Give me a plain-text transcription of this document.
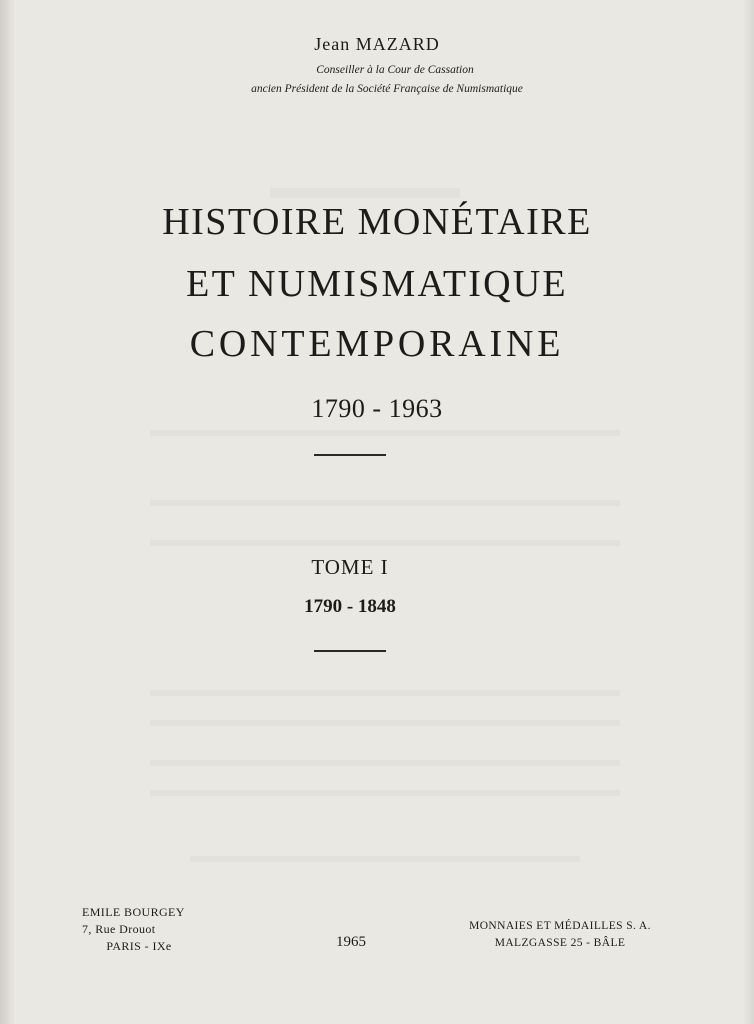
Jean MAZARD
Conseiller à la Cour de Cassation
ancien Président de la Société Française de Numismatique
HISTOIRE MONÉTAIRE
ET NUMISMATIQUE
CONTEMPORAINE
1790 - 1963
TOME I
1790 - 1848
EMILE BOURGEY
7, Rue Drouot
PARIS - IXe	1965
MONNAIES ET MÉDAILLES S. A.
MALZGASSE 25 - BÂLE
